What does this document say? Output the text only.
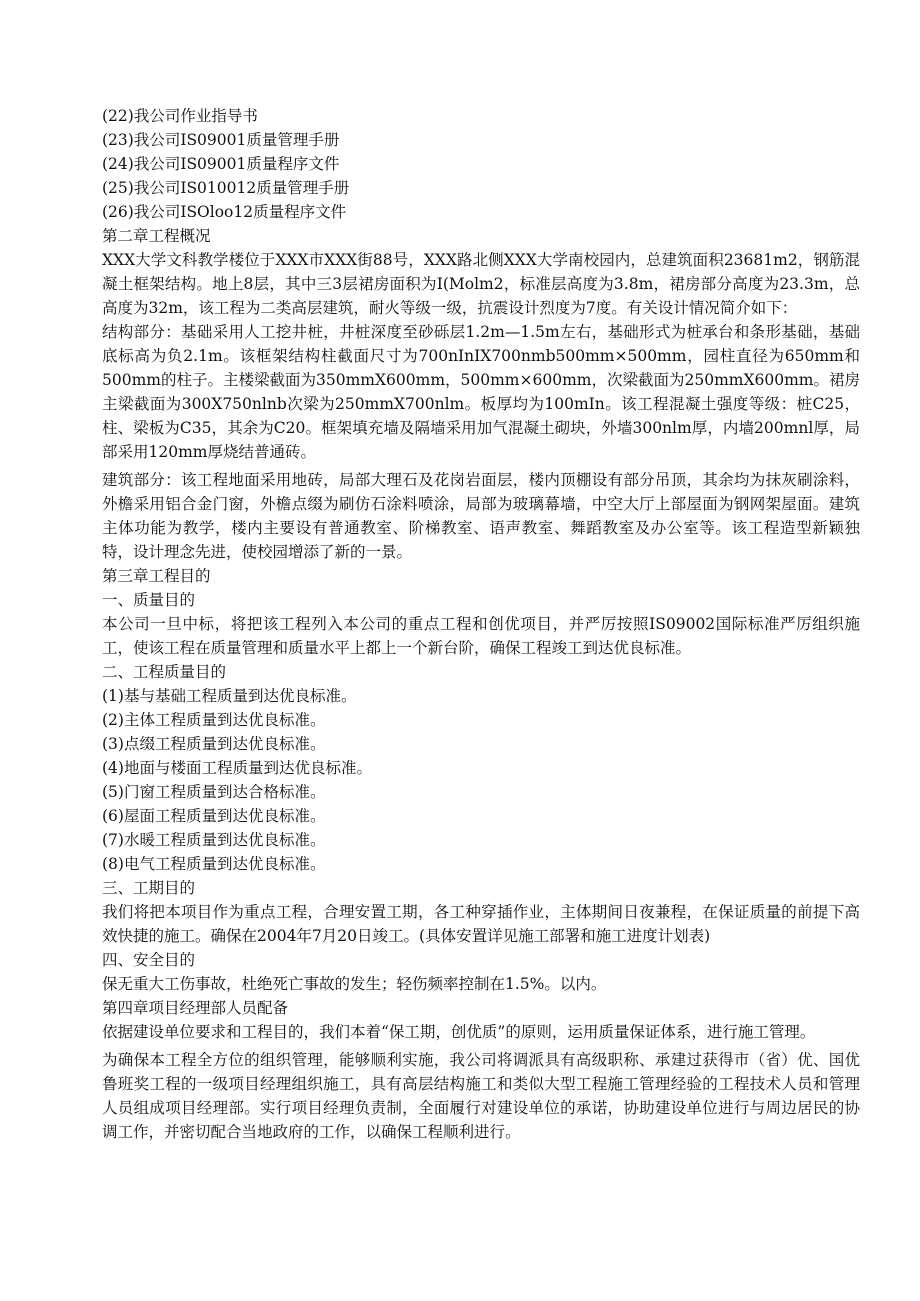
(22)我公司作业指导书
(23)我公司IS09001质量管理手册
(24)我公司IS09001质量程序文件
(25)我公司IS010012质量管理手册
(26)我公司ISOloo12质量程序文件
第二章工程概况

XXX大学文科教学楼位于XXX市XXX街88号，XXX路北侧XXX大学南校园内，总建筑面积23681m2，钢筋混凝土框架结构。地上8层，其中三3层裙房面积为I(Molm2，标准层高度为3.8m，裙房部分高度为23.3m，总高度为32m，该工程为二类高层建筑，耐火等级一级，抗震设计烈度为7度。有关设计情况简介如下：

结构部分：基础采用人工挖井桩，井桩深度至砂砾层1.2m—1.5m左右，基础形式为桩承台和条形基础，基础底标高为负2.1m。该框架结构柱截面尺寸为700nInIX700nmb500mm×500mm，园柱直径为650mm和500mm的柱子。主楼梁截面为350mmX600mm，500mm×600mm，次梁截面为250mmX600mm。裙房主梁截面为300X750nlnb次梁为250mmX700nlm。板厚均为100mIn。该工程混凝土强度等级：桩C25，柱、梁板为C35，其余为C20。框架填充墙及隔墙采用加气混凝土砌块，外墙300nlm厚，内墙200mnl厚，局部采用120mm厚烧结普通砖。

建筑部分：该工程地面采用地砖，局部大理石及花岗岩面层，楼内顶棚设有部分吊顶，其余均为抹灰刷涂料，外檐采用铝合金门窗，外檐点缀为刷仿石涂料喷涂，局部为玻璃幕墙，中空大厅上部屋面为钢网架屋面。建筑主体功能为教学，楼内主要设有普通教室、阶梯教室、语声教室、舞蹈教室及办公室等。该工程造型新颖独特，设计理念先进，使校园增添了新的一景。

第三章工程目的
一、质量目的

本公司一旦中标，将把该工程列入本公司的重点工程和创优项目，并严厉按照IS09002国际标准严厉组织施工，使该工程在质量管理和质量水平上都上一个新台阶，确保工程竣工到达优良标准。

二、工程质量目的
(1)基与基础工程质量到达优良标准。
(2)主体工程质量到达优良标准。
(3)点缀工程质量到达优良标准。
(4)地面与楼面工程质量到达优良标准。
(5)门窗工程质量到达合格标准。
(6)屋面工程质量到达优良标准。
(7)水暖工程质量到达优良标准。
(8)电气工程质量到达优良标准。
三、工期目的

我们将把本项目作为重点工程，合理安置工期，各工种穿插作业，主体期间日夜兼程，在保证质量的前提下高效快捷的施工。确保在2004年7月20日竣工。(具体安置详见施工部署和施工进度计划表)

四、安全目的

保无重大工伤事故，杜绝死亡事故的发生；轻伤频率控制在1.5%。以内。

第四章项目经理部人员配备

依据建设单位要求和工程目的，我们本着“保工期，创优质”的原则，运用质量保证体系，进行施工管理。

为确保本工程全方位的组织管理，能够顺利实施，我公司将调派具有高级职称、承建过获得市（省）优、国优鲁班奖工程的一级项目经理组织施工，具有高层结构施工和类似大型工程施工管理经验的工程技术人员和管理人员组成项目经理部。实行项目经理负责制，全面履行对建设单位的承诺，协助建设单位进行与周边居民的协调工作，并密切配合当地政府的工作，以确保工程顺利进行。
